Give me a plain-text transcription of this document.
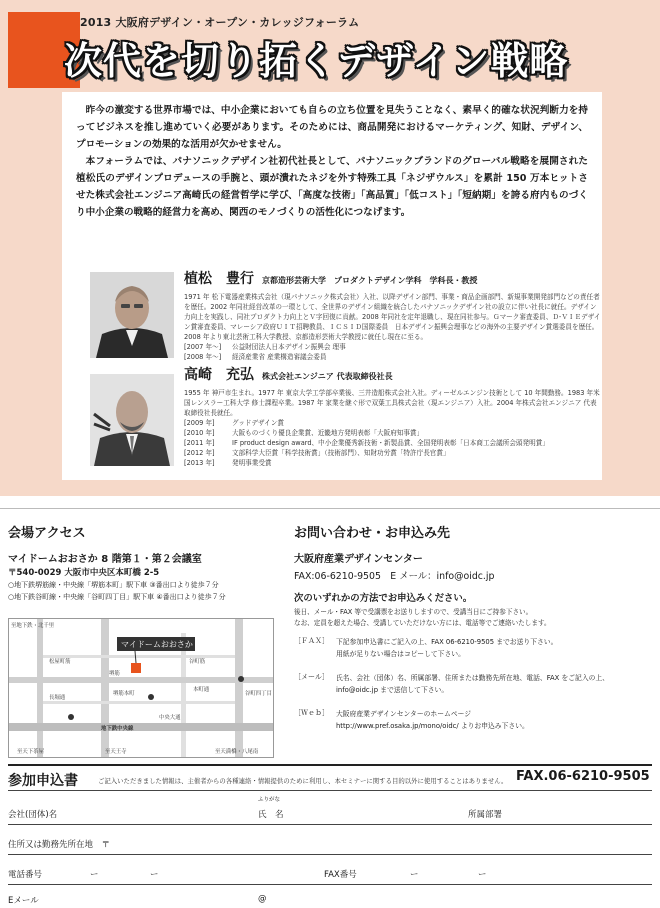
2013 大阪府デザイン・オープン・カレッジフォーラム
次代を切り拓くデザイン戦略

昨今の激変する世界市場では、中小企業においても自らの立ち位置を見失うことなく、素早く的確な状況判断力を持ってビジネスを推し進めていく必要があります。そのためには、商品開発におけるマーケティング、知財、デザイン、プロモーションの効果的な活用が欠かせません。

本フォーラムでは、パナソニックデザイン社初代社長として、パナソニックブランドのグローバル戦略を展開された植松氏のデザインプロデュースの手腕と、頭が潰れたネジを外す特殊工具「ネジザウルス」を累計 150 万本ヒットさせた株式会社エンジニア高崎氏の経営哲学に学び、「高度な技術」「高品質」「低コスト」「短納期」を誇る府内ものづくり中小企業の戦略的経営力を高め、関西のモノづくりの活性化につなげます。

植松　豊行 京都造形芸術大学　プロダクトデザイン学科　学科長・教授
1971 年 松下電器産業株式会社（現パナソニック株式会社）入社、以降デザイン部門、事業・商品企画部門、新規事業開発部門などの責任者を歴任。2002 年同社経営改革の一環として、全世界のデザイン組織を統合したパナソニックデザイン社の設立に伴い社長に就任。デザイン力向上を実践し、同社プロダクト力向上とＶ字回復に貢献。2008 年同社を定年退職し、現在同社参与。Ｇマーク審査委員、Ｄ-ＶＩＥデザイン賞審査委員、マレーシア政府ＵＩＴ招聘教員、ＩＣＳＩＤ国際委員　日本デザイン振興会理事などの海外の主要デザイン賞選委員を歴任。2008 年より東北芸術工科大学教授、京都造形芸術大学教授に就任し現在に至る。
[2007 年～] 公益財団法人日本デザイン振興会 理事
[2008 年～] 経済産業省 産業構造審議会委員
高崎　充弘 株式会社エンジニア 代表取締役社長
1955 年 神戸市生まれ。1977 年 東京大学工学部卒業後、三井造船株式会社入社。ディーゼルエンジン技術として 10 年間勤務。1983 年米国レンスラー工科大学 修士課程卒業。1987 年 家業を継ぐ形で双葉工具株式会社（現エンジニア）入社。2004 年株式会社エンジニア 代表取締役社長就任。
[2009 年]	グッドデザイン賞
[2010 年]	大阪ものづくり優良企業賞、近畿地方発明表彰「大阪府知事賞」
[2011 年]	IF product design award、中小企業優秀新技術・新製品賞、全国発明表彰「日本商工会議所会頭発明賞」
[2012 年]	文部科学大臣賞「科学技術賞」（技術部門）、知財功労賞「特許庁長官賞」
[2013 年]	発明事業受賞
会場アクセス
マイドームおおさか 8 階第１・第２会議室
〒540-0029 大阪市中央区本町橋 2-5
○地下鉄堺筋線・中央線「堺筋本町」駅下車 ③番出口より徒歩７分
○地下鉄谷町線・中央線「谷町四丁目」駅下車 ④番出口より徒歩７分
マイドームおおさか
至地下鉄・北千里
堺筋
松屋町筋	谷町筋
本町通
中央大通
地下鉄中央線
至天下茶屋	至天王寺	至天満橋・八尾南
長堀通
堺筋本町	谷町四丁目
お問い合わせ・お申込み先
大阪府産業デザインセンター
FAX:06-6210-9505　E メール：info@oidc.jp
次のいずれかの方法でお申込みください。
後日、メール・FAX 等で受講票をお送りしますので、受講当日にご持参下さい。
なお、定員を超えた場合、受講していただけない方には、電話等でご連絡いたします。
［ＦＡＸ］ 下記参加申込書にご記入の上、FAX 06-6210-9505 までお送り下さい。
用紙が足りない場合はコピーして下さい。
［メール］ 氏名、会社（団体）名、所属部署、住所または勤務先所在地、電話、FAX をご記入の上、
info@oidc.jp まで送信して下さい。
［Ｗｅｂ］ 大阪府産業デザインセンターのホームページ
http://www.pref.osaka.jp/mono/oidc/ よりお申込み下さい。
参加申込書	ご記入いただきました情報は、主催者からの各種連絡・情報提供のために利用し、本セミナーに関する目的以外に使用することはありません。 FAX.06-6210-9505
会社(団体)名
ふりがな
氏　名	所属部署
住所又は勤務先所在地　〒
電話番号	ー	ー	FAX番号	ー	ー
Eメール	@
